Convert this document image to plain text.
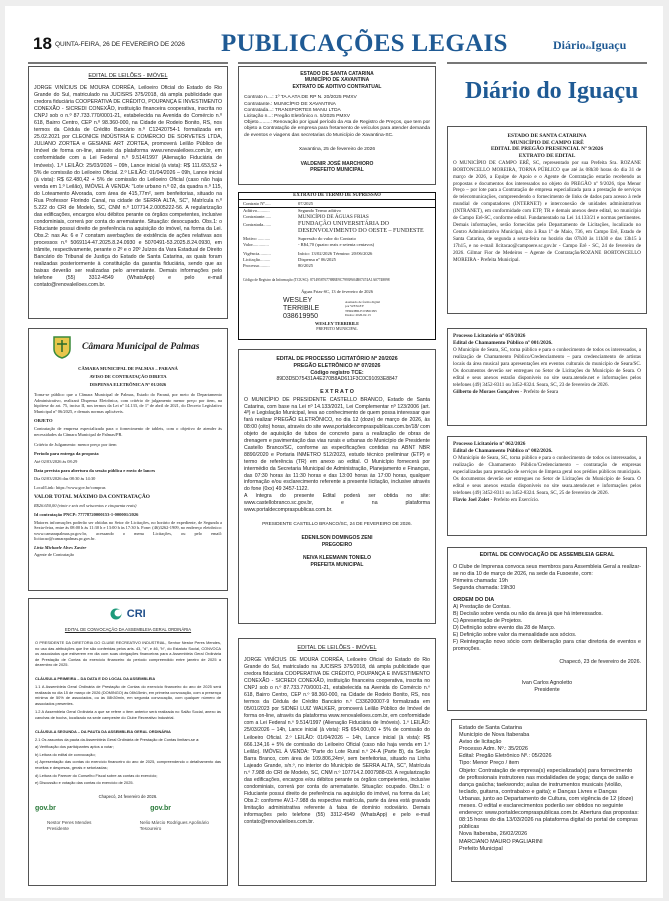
18 QUINTA-FEIRA, 26 DE FEVEREIRO DE 2026 PUBLICAÇÕES LEGAIS	DiáriodoIguaçu
EDITAL DE LEILÕES - IMÓVEL
JORGE VINÍCIUS DE MOURA CORRÊA, Leiloeiro Oficial do Estado do Rio Grande do Sul, matriculado na JUCISRS 375/2018, dá ampla publicidade que credora fiduciária COOPERATIVA DE CRÉDITO, POUPANÇA E INVESTIMENTO CONEXÃO - SICREDI CONEXÃO, instituição financeira cooperativa, inscrita no CNPJ sob o n.º 87.733.770/0001-21, estabelecida na Avenida do Comércio n.º 618, Bairro Centro, CEP n.º 98.360-000, na Cidade de Rodeio Bonito, RS, nos termos da Cédula de Crédito Bancário n.º C12420754-1 formalizada em 25.02.2021 por CLEONICE INDÚSTRIA E COMÉRCIO DE SORVETES LTDA, JULIANO ZORTEA e GESIANE ART ZORTEA, promoverá Leilão Público de Imóvel de forma on-line, através da plataforma www.renovaleiloes.com.br, em conformidade com a Lei Federal n.º 9.514/1997 (Alienação Fiduciária de Imóveis). 1.º LEILÃO: 25/03/2026 – 09h, Lance inicial (à vista): R$ 111.653,52 + 5% de comissão do Leiloeiro Oficial. 2.º LEILÃO: 01/04/2026 – 09h, Lance inicial (à vista): R$ 62.480,42 + 5% de comissão do Leiloeiro Oficial (caso não haja venda em 1.º Leilão), IMÓVEL À VENDA: "Lote urbano n.º 02, da quadra n.º 115, do Loteamento Alvorada, com área de 415,77m², sem benfeitorias, situado na Rua Professor Florindo Canal, na cidade de SERRA ALTA, SC", Matrícula n.º 5.222 do CRI de Modelo, SC, CNM n.º 107714.2.0005222-56. A regularização das edificações, encargos e/ou débitos perante os órgãos competentes, inclusive condominiais, correrá por conta do arrematante. Situação: desocupado. Obs.1: o Fiduciante possui direito de preferência na aquisição do imóvel, na forma da Lei. Obs.2: nas Av. 6 e 7 constam averbações de existência de ações relativas aos processos n.º 5069114-47.2025.8.24.0930 e 5070491-53.2025.8.24.0930, em trâmite, respectivamente, perante o 2º e o 20º Juízos da Vara Estadual de Direito Bancário do Tribunal de Justiça do Estado de Santa Catarina, as quais foram realizadas posteriormente à constituição da garantia fiduciária, sendo que as baixas deverão ser realizadas pelo arrematante. Demais informações pelo telefone (55) 3312-4549 (WhatsApp) e pelo e-mail contato@renovaleiloes.com.br.
Câmara Municipal de Palmas
CÂMARA MUNICIPAL DE PALMAS – PARANÁ
AVISO DE CONTRATAÇÃO DIRETA
DISPENSA ELETRÔNICA Nº 01/2026
Torna-se público que a Câmara Municipal de Palmas, Estado do Paraná, por meio do Departamento Administrativo, realizará Dispensa Eletrônica, com critério de julgamento menor preço por item, na hipótese do art. 75, inciso II, nos termos da Lei nº 14.133, de 1º de abril de 2021, do Decreto Legislativo Municipal nº 06/2025, e demais normas aplicáveis.
OBJETO
Contratação de empresa especializada para o fornecimento de tablets, com o objetivo de atender às necessidades da Câmara Municipal de Palmas/PR.
Critério de Julgamento: menor preço por item
Período para entrega da proposta
Até 02/03/2026 às 08:29
Data prevista para abertura da sessão pública e envio de lances
Dia 02/03/2026 das 08:30 às 14:30
Local/Link: https://www.gov.br/compras
VALOR TOTAL MÁXIMO DA CONTRATAÇÃO
R$26.650,00 (vinte e seis mil seiscentos e cinquenta reais)
Id contratação PNCP: 77778720000153-1-000001/2026
Maiores informações poderão ser obtidas no Setor de Licitações, no horário de expediente, de Segunda a Sexta-feira, entre às 08:00 h às 11:30 h e 13:00 h às 17:30 h. Fone: (46)3262-1909, no endereço eletrônico: www.camarapalmas.pr.gov.br, acessando o menu Licitações, ou pelo email: licitacao@camarapalmas.pr.gov.br.
Lívia Michaele Alves Xavier
Agente de Contratação
CRI
EDITAL DE CONVOCAÇÃO DA ASSEMBLEIA GERAL ORDINÁRIA
O PRESIDENTE DA DIRETORIA DO CLUBE RECREATIVO INDUSTRIAL, Senhor Nestor Peres Mendes, no uso das atribuições que lhe são conferidas pelos arts. 43, "d", e 46, "b", do Estatuto Social, CONVOCA os associados que estiverem em dia com suas obrigações financeiras para a Assembleia Geral Ordinária de Prestação de Contas do exercício financeiro do período compreendido entre janeiro de 2025 a dezembro de 2025.
CLÁUSULA PRIMEIRA – DA DATA E DO LOCAL DA ASSEMBLEIA
1.1 A Assembleia Geral Ordinária de Prestação de Contas do exercício financeiro do ano de 2025 será realizada no dia 15 de março de 2026 (DOMINGO) às 08h15min, em primeira convocação, com a presença mínima de 50% de associados, ou às 08h30min, em segunda convocação, com qualquer número de associados presentes.
1.2 A Assembleia Geral Ordinária a que se refere o item anterior será realizada no Salão Social, anexo às canchas de bocha, localizado na sede campestre do Clube Recreativo Industrial.
CLÁUSULA SEGUNDA – DA PAUTA DA ASSEMBLEIA GERAL ORDINÁRIA
2.1 Os assuntos da pauta da Assembleia Geral Ordinária de Prestação de Contas limitam-se a:
a) Verificação dos participantes aptos a votar;
b) Leitura do edital de convocação;
c) Apresentação das contas do exercício financeiro do ano de 2025, compreendendo o detalhamento das receitas e despesas, gerais e setorizadas;
d) Leitura do Parecer do Conselho Fiscal sobre as contas do exercício;
e) Discussão e votação das contas do exercício de 2025.
Chapecó, 24 fevereiro de 2026.
gov.br	gov.br
Nestor Peres Mendes
Presidente
Nelio Márcio Rodrigues Apolinário
Tesoureiro
ESTADO DE SANTA CATARINA
MUNICÍPIO DE XAVANTINA
EXTRATO DE ADITIVO CONTRATUAL
Contrato n....: 1º TA A ATA DE RP N. 20/2025 PMXV
Contratante.: MUNICÍPIO DE XAVANTINA
Contratada...: TRANSPORTES MANU LTDA
Licitação n...: Pregão Eletrônico n. 5/2025 PMXV
Objeto.........: Renovação por igual período da Ata de Registro de Preços, que tem por objeto a Contratação de empresa para fretamento de veículos para atender demanda de eventos e viagens das secretarias do Município de Xavantina-SC.
Xavantina, 25 de fevereiro de 2026
VALDENIR JOSÉ MARCHIORO
PREFEITO MUNICIPAL
EXTRATO DE TERMO DE SUPRESSÃO
Contrato Nº.....	07/2025
Aditivo...........	Segundo Termo aditivo
Contratante......	MUNICÍPIO DE ÁGUAS FRIAS
Contratada.......	FUNDAÇÃO UNIVERSITÁRIA DO DESENVOLVIMENTO DO OESTE – FUNDESTE
Motivo ...........	Supressão do valor do Contrato
Valor..............	- R$4,70 (quatro reais e setenta centavos)
Vigência..........	Início: 13/02/2026 Término: 20/06/2026
Licitação.........	Dispensa nº 06/2025
Processo.........	80/2025
Código de Registro da Informação (TCE/SC): 8714958767788BE9C7993F604B07474A1A07748898
Águas Frias-SC, 13 de fevereiro de 2026
WESLEY TERRIBILE 038619950
Assinado de forma digital por WESLEY TERRIBILE:03861995 Dados: 2026.02.13
WESLEY TERRIBILE
PREFEITO MUNICIPAL
EDITAL DE PROCESSO LICITATÓRIO Nº 20/2026
PREGÃO ELETRÔNICO Nº 07/2026
Código registro TCE:
89D3D5D75431A4E270B8AD611F3C0C91093E8847
E X T R A T O
O MUNICÍPIO DE PRESIDENTE CASTELLO BRANCO, Estado de Santa Catarina, com base na Lei nº 14.133/2021, Lei Complementar nº 123/2006 (art. 4º) e Legislação Municipal, leva ao conhecimento de quem possa interessar que fará realizar PREGÃO ELETRÔNICO, no dia 12 (doze) de março de 2026, às 08:00 (oito) horas, através do site www.portaldecompraspublicas.com.br/18/ com objeto de aquisição de tubos de concreto para a realização de obras de drenagem e pavimentação das vias rurais e urbanas do Município de Presidente Castello Branco/SC, conforme as especificações contidas na ABNT NBR 8890/2020 e Portaria INMETRO 512/2023, estudo técnico preliminar (ETP) e termo de referência (TR) em anexo ao edital. O Município fornecerá por intermédio da Secretaria Municipal de Administração, Planejamento e Finanças, das 07:30 horas às 11:30 horas e das 13:00 horas às 17:00 horas, qualquer informação e/ou esclarecimento referente a presente licitação, inclusive através do fone (0xx) 49 3457-1122.
A íntegra do presente Edital poderá ser obtida no site: www.castellobranco.sc.gov.br, e na plataforma www.portaldecompraspublicas.com.br.
PRESIDENTE CASTELLO BRANCO/SC, 24 DE FEVEREIRO DE 2026.
EDENILSON DOMINGOS ZENI
PREGOEIRO
NEIVA KLEEMANN TONIELO
PREFEITA MUNICIPAL
EDITAL DE LEILÕES - IMÓVEL
JORGE VINÍCIUS DE MOURA CORRÊA, Leiloeiro Oficial do Estado do Rio Grande do Sul, matriculado na JUCISRS 375/2018, dá ampla publicidade que credora fiduciária COOPERATIVA DE CRÉDITO, POUPANÇA E INVESTIMENTO CONEXÃO - SICREDI CONEXÃO, instituição financeira cooperativa, inscrita no CNPJ sob o n.º 87.733.770/0001-21, estabelecida na Avenida do Comércio n.º 618, Bairro Centro, CEP n.º 98.360-000, na Cidade de Rodeio Bonito, RS, nos termos da Cédula de Crédito Bancário n.º C336200007-9 formalizada em 05/01/2023 por SIDNEI LUIZ WALKER, promoverá Leilão Público de Imóvel de forma on-line, através da plataforma www.renovaleiloes.com.br, em conformidade com a Lei Federal n.º 9.514/1997 (Alienação Fiduciária de Imóveis). 1.º LEILÃO: 25/03/2026 – 14h, Lance inicial (à vista): R$ 654.000,00 + 5% de comissão do Leiloeiro Oficial. 2.º LEILÃO: 01/04/2026 – 14h, Lance inicial (à vista): R$ 666.134,16 + 5% de comissão do Leiloeiro Oficial (caso não haja venda em 1.º Leilão). IMÓVEL À VENDA: "Parte do Lote Rural n.º 24-A (Parte B), da Seção Barra Branco, com área de 109.806,24m², sem benfeitorias, situado na Linha Lajeado Grande, s/n.º, no interior do Município de SERRA ALTA, SC", Matrícula n.º 7.988 do CRI de Modelo, SC, CNM n.º 107714.2.0007988-03. A regularização das edificações, encargos e/ou débitos perante os órgãos competentes, inclusive condominiais, correrá por conta do arrematante. Situação: ocupado. Obs.1: o Fiduciante possui direito de preferência na aquisição do imóvel, na forma da Lei; Obs.2: conforme AV.1-7.988 da respectiva matrícula, parte da área está gravada limitação administrativa referente à faixa de domínio rodoviário. Demais informações pelo telefone (55) 3312-4549 (WhatsApp) e pelo e-mail contato@renovaleiloes.com.br.
Diário do Iguaçu
ESTADO DE SANTA CATARINA
MUNICÍPIO DE CAMPO ERÊ
EDITAL DE PREGÃO PRESENCIAL Nº 9/2026
EXTRATO DE EDITAL
O MUNICÍPIO DE CAMPO ERÊ, SC, representado por sua Prefeita Sra. ROZANE BORTONCELLO MOREIRA, TORNA PÚBLICO que até às 08h30 horas do dia 31 de março de 2026, a Equipe de Apoio e o Agente de Contratação estarão recebendo as propostas e documentos dos interessados no objeto do PREGÃO nº 9/2026, tipo Menor Preço – por lote para a Contratação de empresa especializada para a prestação de serviços de telecomunicações, compreendendo o fornecimento de links de dados para acesso à rede mundial de computadores (INTERNET) e interconexão de unidades administrativas (INTRANET), em conformidade com ETP, TR e demais anexos deste edital, no município de Campo Erê-SC, conforme edital. Fundamentado na Lei 14.133/21 e normas pertinentes. Demais informações, serão fornecidas pelo Departamento de Licitações, localizado no Centro Administrativo Municipal, sito à Rua 1º de Maio, 736, em Campo Erê, Estado de Santa Catarina, de segunda a sexta-feira no horário das 07h30 às 11h30 e das 13h15 à 17h15, e no e-mail llcitacao@campoere.sc.gov.br - Campo Erê - SC, 24 de fevereiro de 2026. Gilmar Fior de Medeiros – Agente de Contratação/ROZANE BORTONCELLO MOREIRA - Prefeita Municipal.
Processo Licitatório nº 059/2026
Edital de Chamamento Público nº 001/2026.
O Município de Seara, SC, torna público e para o conhecimento de todos os interessados, a realização de Chamamento Público/Credenciamento – para credenciamento de artistas locais da área musical para apresentações em eventos culturais do município de Seara/SC. Os documentos deverão ser entregues no Setor de Licitações do Município de Seara. O edital e seus anexos estarão disponíveis no site seara.atende.net e informações pelos telefones (49) 3452-8311 ou 3452-8324. Seara, SC, 23 de fevereiro de 2026.
Gilberto de Moraes Gonçalves - Prefeito de Seara
Processo Licitatório nº 062/2026
Edital de Chamamento Público nº 002/2026.
O Município de Seara, SC, torna público e para o conhecimento de todos os interessados, a realização de Chamamento Público/Credenciamento – contratação de empresas especializadas para prestação de serviços de limpeza geral nos prédios públicos municipais. Os documentos deverão ser entregues no Setor de Licitações do Município de Seara. O edital e seus anexos estarão disponíveis no site seara.atende.net e informações pelos telefones (49) 3452-8311 ou 3452-8324. Seara, SC, 25 de fevereiro de 2026.
Flavio Joel Zolet - Prefeito em Exercício.
EDITAL DE CONVOCAÇÃO DE ASSEMBLEIA GERAL
O Clube de Imprensa convoca seus membros para Assembleia Geral a realizar-se no dia 10 de março de 2026, na sede da Fusoeste, com:
Primeira chamada: 19h
Segunda chamada: 19h30
ORDEM DO DIA
A) Prestação de Contas.
B) Decisão sobre venda ou não da área já que há interessados.
C) Apresentação de Projetos.
D) Definição sobre evento dia 28 de Março.
E) Definição sobre valor da mensalidade aos sócios.
F) Reintegração novo sócio com deliberação para criar diretoria de eventos e promoções.
Chapecó, 23 de fevereiro de 2026.
Ivan Carlos Agnoletto
Presidente
Estado de Santa Catarina
Município de Nova Itaberaba
Aviso de licitação
Processo Adm. Nº.: 35/2026
Edital: Pregão Eletrônico Nº.: 05/2026
Tipo: Menor Preço / item
Objeto: Contratação de empresa(s) especializada(s) para fornecimento de profissionais instrutores nas modalidades de yoga; dança de salão e dança gaúcha; taekwondo; aulas de instrumentos musicais (violão, teclado, guitarra, contrabaixo e gaita); e Danças Livres e Danças Urbanas, junto ao Departamento de Cultura, com vigência de 12 (doze) meses. O edital e esclarecimentos poderão ser obtidos no seguinte endereço: www.portaldecompraspublicas.com.br. Abertura das propostas: 08:15 horas do dia 13/03/2026 na plataforma digital do portal de compras públicas
Nova Itaberaba, 26/02/2026
MARCIANO MAURO PAGLIARINI
Prefeito Municipal
